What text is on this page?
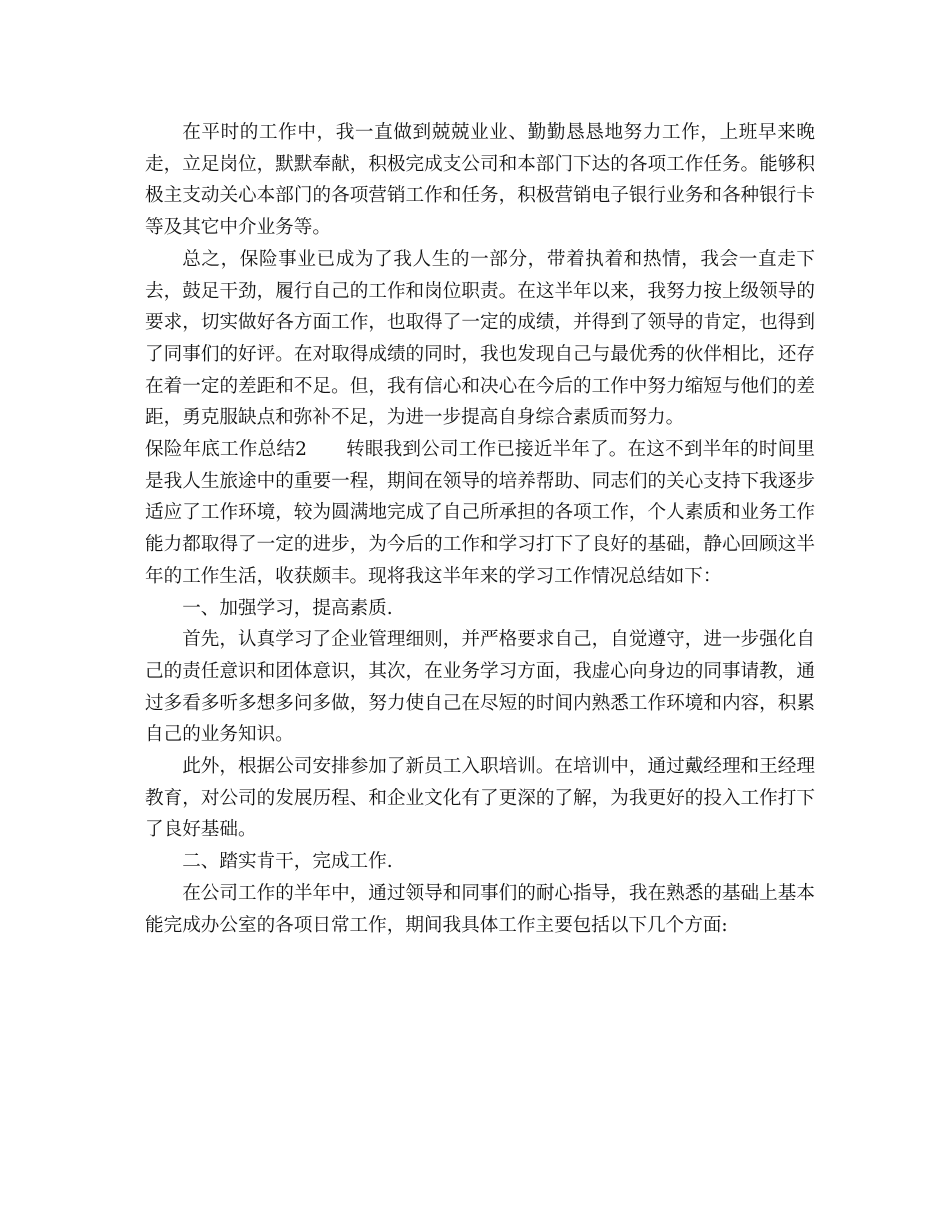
在平时的工作中，我一直做到兢兢业业、勤勤恳恳地努力工作，上班早来晚走，立足岗位，默默奉献，积极完成支公司和本部门下达的各项工作任务。能够积极主支动关心本部门的各项营销工作和任务，积极营销电子银行业务和各种银行卡等及其它中介业务等。

总之，保险事业已成为了我人生的一部分，带着执着和热情，我会一直走下去，鼓足干劲，履行自己的工作和岗位职责。在这半年以来，我努力按上级领导的要求，切实做好各方面工作，也取得了一定的成绩，并得到了领导的肯定，也得到了同事们的好评。在对取得成绩的同时，我也发现自己与最优秀的伙伴相比，还存在着一定的差距和不足。但，我有信心和决心在今后的工作中努力缩短与他们的差距，勇克服缺点和弥补不足，为进一步提高自身综合素质而努力。

保险年底工作总结2 转眼我到公司工作已接近半年了。在这不到半年的时间里是我人生旅途中的重要一程，期间在领导的培养帮助、同志们的关心支持下我逐步适应了工作环境，较为圆满地完成了自己所承担的各项工作，个人素质和业务工作能力都取得了一定的进步，为今后的工作和学习打下了良好的基础，静心回顾这半年的工作生活，收获颇丰。现将我这半年来的学习工作情况总结如下：

一、加强学习，提高素质.

首先，认真学习了企业管理细则，并严格要求自己，自觉遵守，进一步强化自己的责任意识和团体意识，其次，在业务学习方面，我虚心向身边的同事请教，通过多看多听多想多问多做，努力使自己在尽短的时间内熟悉工作环境和内容，积累自己的业务知识。

此外，根据公司安排参加了新员工入职培训。在培训中，通过戴经理和王经理教育，对公司的发展历程、和企业文化有了更深的了解，为我更好的投入工作打下了良好基础。

二、踏实肯干，完成工作.

在公司工作的半年中，通过领导和同事们的耐心指导，我在熟悉的基础上基本能完成办公室的各项日常工作，期间我具体工作主要包括以下几个方面:
